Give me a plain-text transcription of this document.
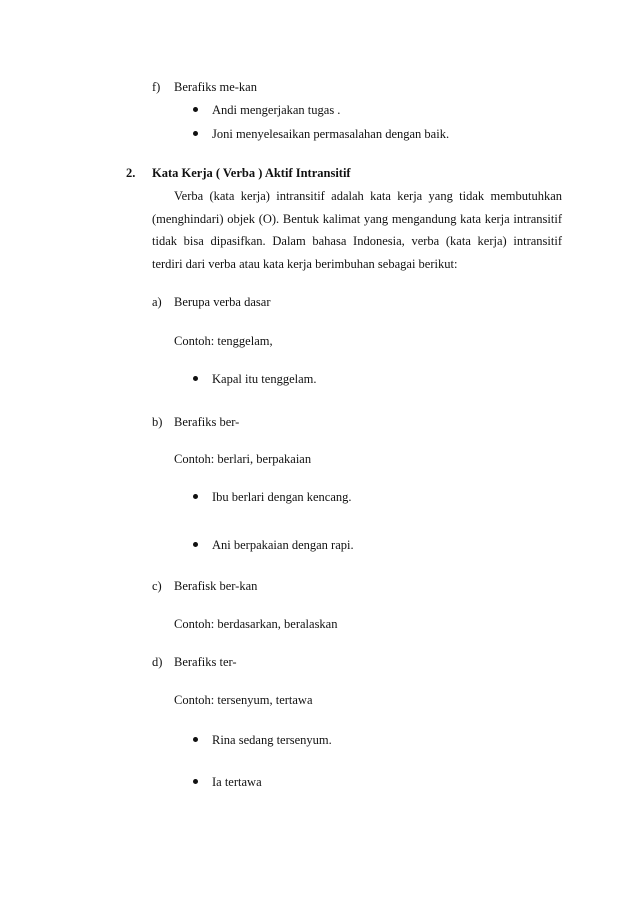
f) Berafiks me-kan
Andi mengerjakan tugas .
Joni menyelesaikan permasalahan dengan baik.
2. Kata Kerja ( Verba ) Aktif Intransitif
Verba (kata kerja) intransitif adalah kata kerja yang tidak membutuhkan (menghindari) objek (O). Bentuk kalimat yang mengandung kata kerja intransitif tidak bisa dipasifkan. Dalam bahasa Indonesia, verba (kata kerja) intransitif terdiri dari verba atau kata kerja berimbuhan sebagai berikut:
a) Berupa verba dasar
Contoh: tenggelam,
Kapal itu tenggelam.
b) Berafiks ber-
Contoh: berlari, berpakaian
Ibu berlari dengan kencang.
Ani berpakaian dengan rapi.
c) Berafisk ber-kan
Contoh: berdasarkan, beralaskan
d) Berafiks ter-
Contoh: tersenyum, tertawa
Rina sedang tersenyum.
Ia tertawa
